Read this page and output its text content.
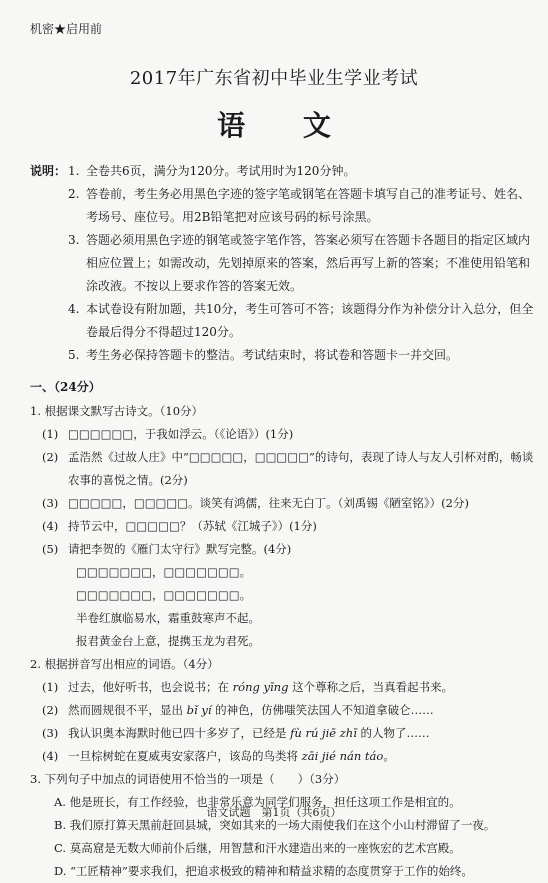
机密★启用前
2017年广东省初中毕业生学业考试
语 文
说明： 1. 全卷共6页，满分为120分。考试用时为120分钟。
2. 答卷前，考生务必用黑色字迹的签字笔或钢笔在答题卡填写自己的准考证号、姓名、考场号、座位号。用2B铅笔把对应该号码的标号涂黑。
3. 答题必须用黑色字迹的钢笔或签字笔作答，答案必须写在答题卡各题目的指定区域内相应位置上；如需改动，先划掉原来的答案，然后再写上新的答案；不准使用铅笔和涂改液。不按以上要求作答的答案无效。
4. 本试卷设有附加题，共10分，考生可答可不答；该题得分作为补偿分计入总分，但全卷最后得分不得超过120分。
5. 考生务必保持答题卡的整洁。考试结束时，将试卷和答题卡一并交回。
一、（24分）
1. 根据课文默写古诗文。（10分）
(1) □□□□□□，于我如浮云。（《论语》）(1分)
(2) 孟浩然《过故人庄》中“□□□□□，□□□□□”的诗句，表现了诗人与友人引杯对酌，畅谈农事的喜悦之情。(2分)
(3) □□□□□，□□□□□。谈笑有鸿儒，往来无白丁。（刘禹锡《陋室铭》）(2分)
(4) 持节云中，□□□□□？（苏轼《江城子》）(1分)
(5) 请把李贺的《雁门太守行》默写完整。(4分)
□□□□□□□，□□□□□□□。
□□□□□□□，□□□□□□□。
半卷红旗临易水，霜重鼓寒声不起。
报君黄金台上意，提携玉龙为君死。
2. 根据拼音写出相应的词语。（4分）
(1) 过去，他好听书，也会说书；在 róng yīng 这个尊称之后，当真看起书来。
(2) 然而圆规很不平，显出 bǐ yí 的神色，仿佛嗤笑法国人不知道拿破仑……
(3) 我认识奥本海默时他已四十多岁了，已经是 fù rú jiē zhī 的人物了……
(4) 一旦棕树蛇在夏威夷安家落户，该岛的鸟类将 zāi jié nán táo。
3. 下列句子中加点的词语使用不恰当的一项是（　　）（3分）
A. 他是班长，有工作经验，也非常乐意为同学们服务，担任这项工作是相宜的。
B. 我们原打算天黑前赶回县城，突如其来的一场大雨使我们在这个小山村滞留了一夜。
C. 莫高窟是无数大师前仆后继，用智慧和汗水建造出来的一座恢宏的艺术宫殿。
D. “工匠精神”要求我们，把追求极致的精神和精益求精的态度贯穿于工作的始终。
语文试题　第1页（共6页）
